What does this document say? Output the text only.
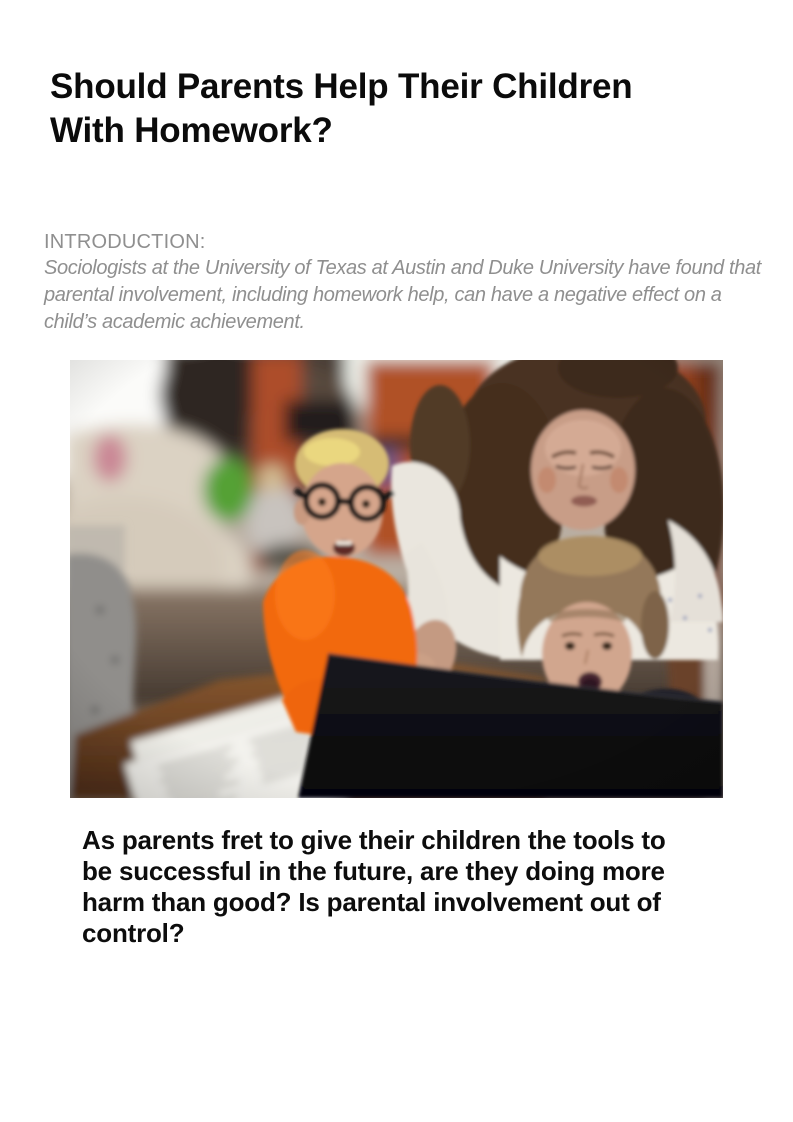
Should Parents Help Their Children
With Homework?
INTRODUCTION:
Sociologists at the University of Texas at Austin and Duke University have found that
parental involvement, including homework help, can have a negative effect on a
child’s academic achievement.

As parents fret to give their children the tools to
be successful in the future, are they doing more
harm than good? Is parental involvement out of
control?
